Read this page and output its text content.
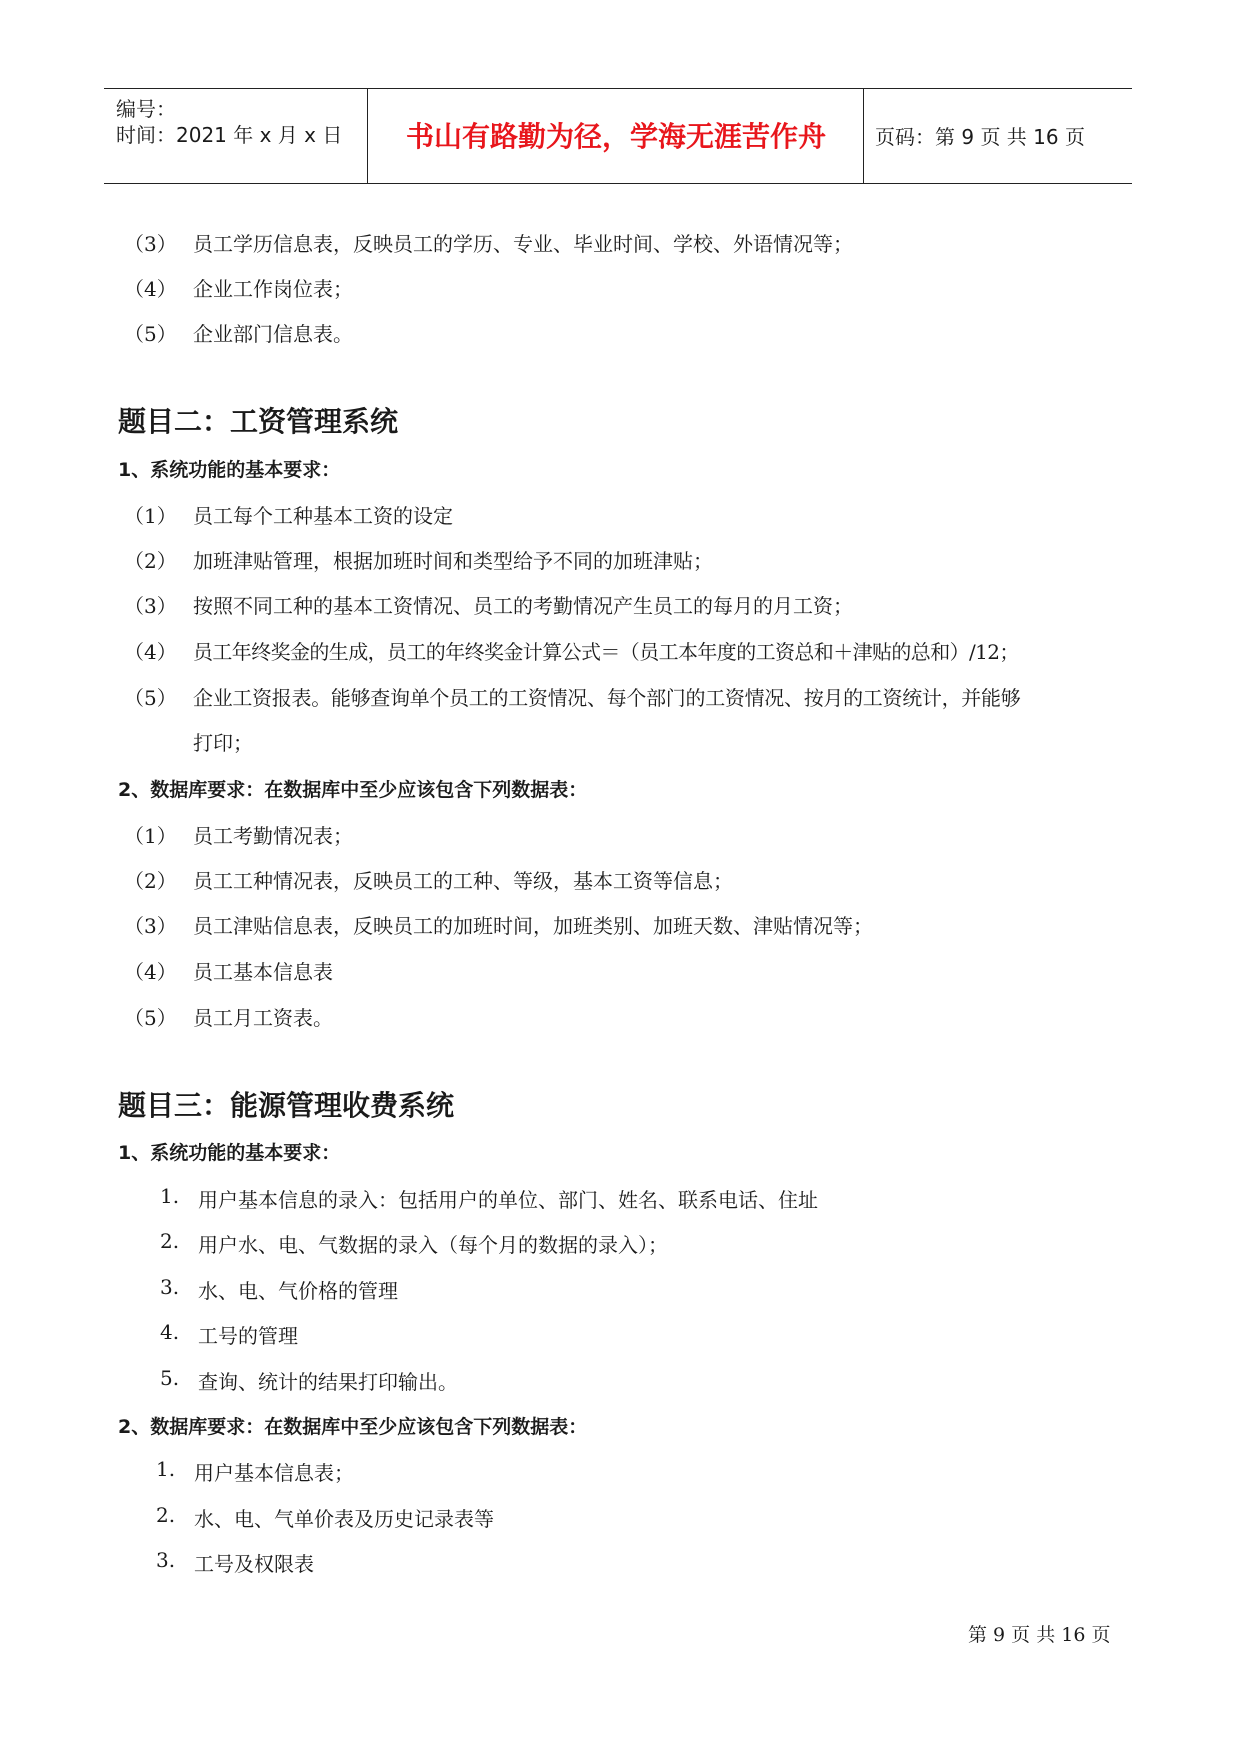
编号：
时间：2021 年 x 月 x 日	书山有路勤为径，学海无涯苦作舟	页码：第 9 页 共 16 页
（3） 员工学历信息表，反映员工的学历、专业、毕业时间、学校、外语情况等；
（4） 企业工作岗位表；
（5） 企业部门信息表。
题目二：工资管理系统
1、系统功能的基本要求：
（1） 员工每个工种基本工资的设定
（2） 加班津贴管理，根据加班时间和类型给予不同的加班津贴；
（3） 按照不同工种的基本工资情况、员工的考勤情况产生员工的每月的月工资；
（4） 员工年终奖金的生成，员工的年终奖金计算公式＝（员工本年度的工资总和＋津贴的总和）/12；
（5） 企业工资报表。能够查询单个员工的工资情况、每个部门的工资情况、按月的工资统计，并能够
打印；
2、数据库要求：在数据库中至少应该包含下列数据表：
（1） 员工考勤情况表；
（2） 员工工种情况表，反映员工的工种、等级，基本工资等信息；
（3） 员工津贴信息表，反映员工的加班时间，加班类别、加班天数、津贴情况等；
（4） 员工基本信息表
（5） 员工月工资表。
题目三：能源管理收费系统
1、系统功能的基本要求：
1. 用户基本信息的录入：包括用户的单位、部门、姓名、联系电话、住址
2. 用户水、电、气数据的录入（每个月的数据的录入）；
3. 水、电、气价格的管理
4. 工号的管理
5. 查询、统计的结果打印输出。
2、数据库要求：在数据库中至少应该包含下列数据表：
1. 用户基本信息表；
2. 水、电、气单价表及历史记录表等
3. 工号及权限表
第 9 页 共 16 页
